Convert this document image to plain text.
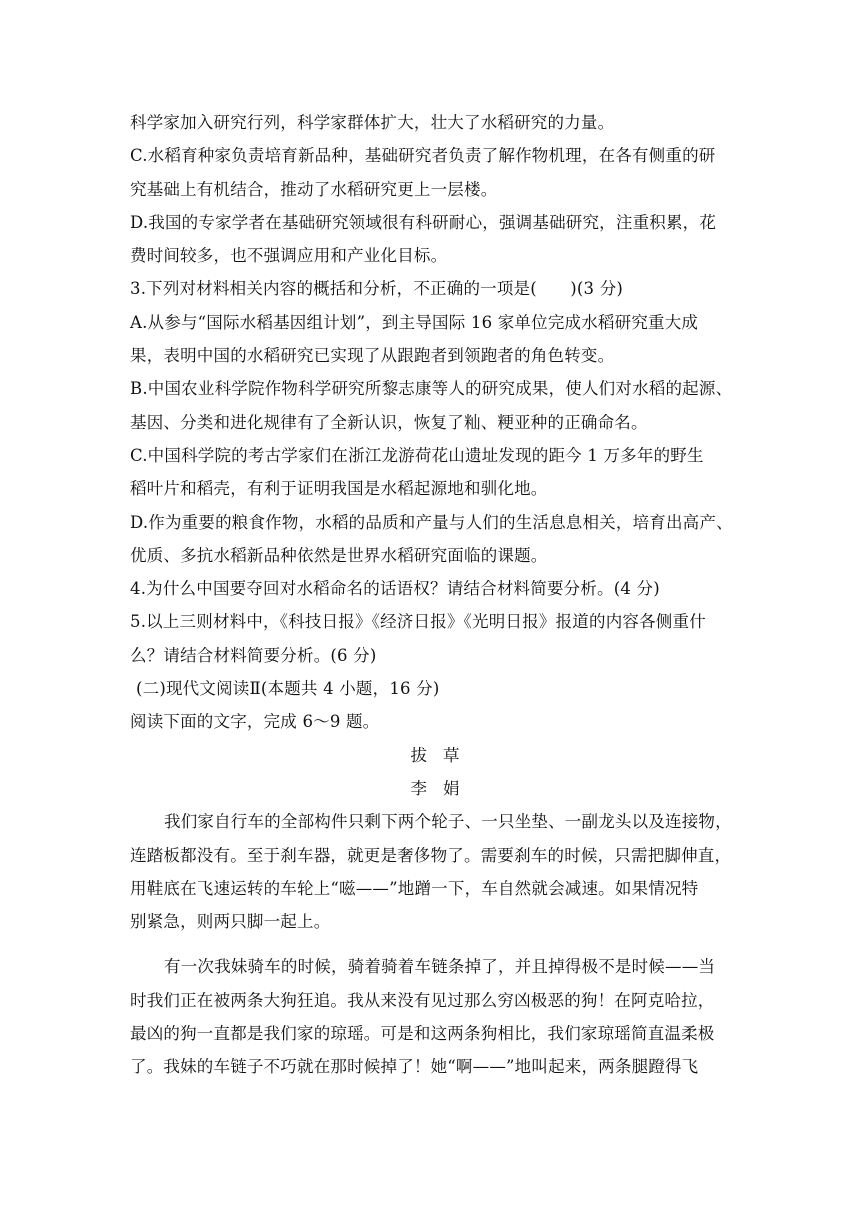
科学家加入研究行列，科学家群体扩大，壮大了水稻研究的力量。
C.水稻育种家负责培育新品种，基础研究者负责了解作物机理，在各有侧重的研
究基础上有机结合，推动了水稻研究更上一层楼。
D.我国的专家学者在基础研究领域很有科研耐心，强调基础研究，注重积累，花
费时间较多，也不强调应用和产业化目标。
3.下列对材料相关内容的概括和分析，不正确的一项是(　　)(3 分)
A.从参与“国际水稻基因组计划”，到主导国际 16 家单位完成水稻研究重大成
果，表明中国的水稻研究已实现了从跟跑者到领跑者的角色转变。
B.中国农业科学院作物科学研究所黎志康等人的研究成果，使人们对水稻的起源、
基因、分类和进化规律有了全新认识，恢复了籼、粳亚种的正确命名。
C.中国科学院的考古学家们在浙江龙游荷花山遗址发现的距今 1 万多年的野生
稻叶片和稻壳，有利于证明我国是水稻起源地和驯化地。
D.作为重要的粮食作物，水稻的品质和产量与人们的生活息息相关，培育出高产、
优质、多抗水稻新品种依然是世界水稻研究面临的课题。
4.为什么中国要夺回对水稻命名的话语权？请结合材料简要分析。(4 分)
5.以上三则材料中，《科技日报》《经济日报》《光明日报》报道的内容各侧重什
么？请结合材料简要分析。(6 分)
(二)现代文阅读Ⅱ(本题共 4 小题，16 分)
阅读下面的文字，完成 6～9 题。
拔 草
李 娟
我们家自行车的全部构件只剩下两个轮子、一只坐垫、一副龙头以及连接物，
连踏板都没有。至于刹车器，就更是奢侈物了。需要刹车的时候，只需把脚伸直，
用鞋底在飞速运转的车轮上“嗞——”地蹭一下，车自然就会减速。如果情况特
别紧急，则两只脚一起上。
有一次我妹骑车的时候，骑着骑着车链条掉了，并且掉得极不是时候——当
时我们正在被两条大狗狂追。我从来没有见过那么穷凶极恶的狗！在阿克哈拉，
最凶的狗一直都是我们家的琼瑶。可是和这两条狗相比，我们家琼瑶简直温柔极
了。我妹的车链子不巧就在那时候掉了！她“啊——”地叫起来，两条腿蹬得飞
